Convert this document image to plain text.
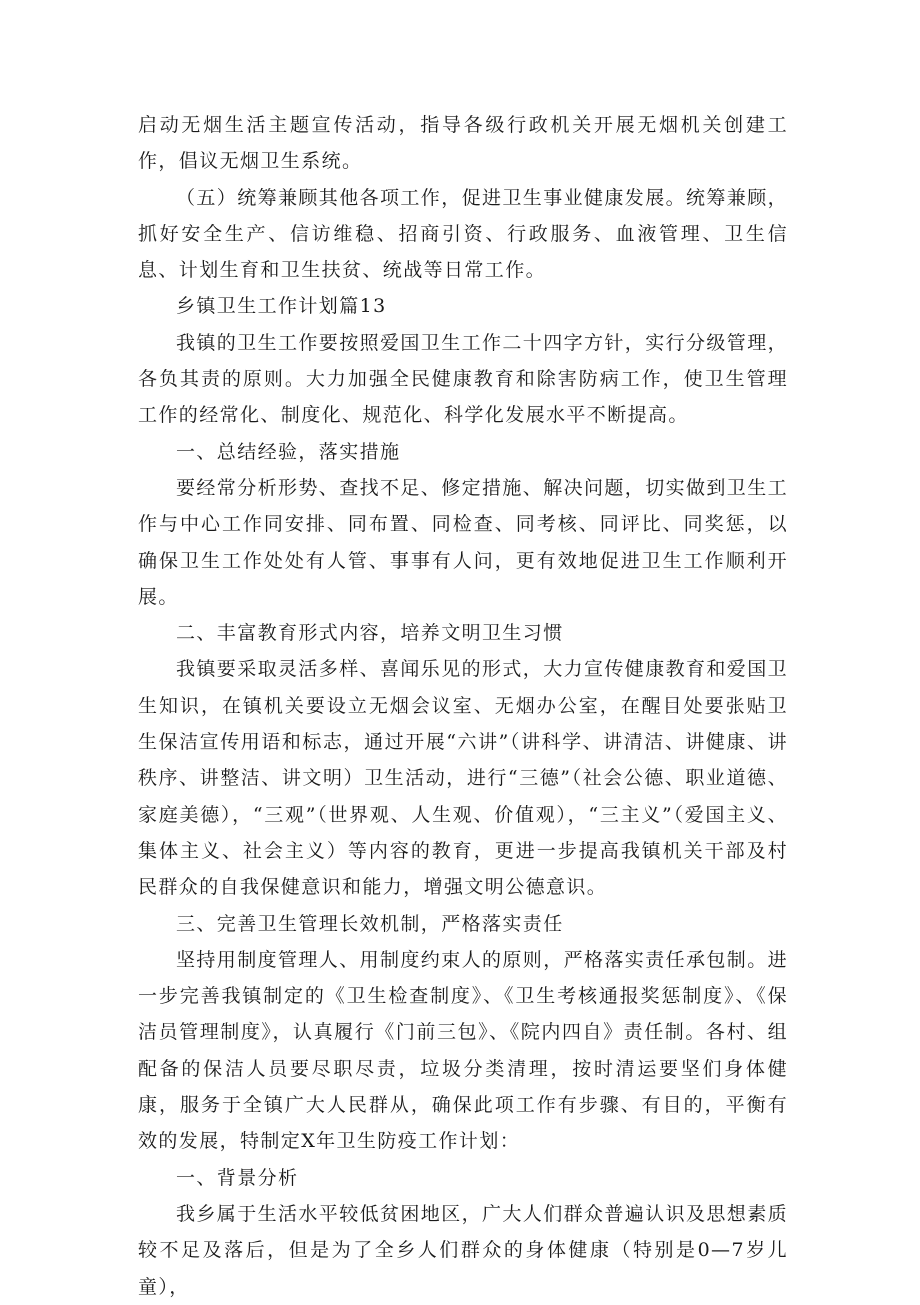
启动无烟生活主题宣传活动，指导各级行政机关开展无烟机关创建工作，倡议无烟卫生系统。

（五）统筹兼顾其他各项工作，促进卫生事业健康发展。统筹兼顾，抓好安全生产、信访维稳、招商引资、行政服务、血液管理、卫生信息、计划生育和卫生扶贫、统战等日常工作。

乡镇卫生工作计划篇13

我镇的卫生工作要按照爱国卫生工作二十四字方针，实行分级管理，各负其责的原则。大力加强全民健康教育和除害防病工作，使卫生管理工作的经常化、制度化、规范化、科学化发展水平不断提高。

一、总结经验，落实措施

要经常分析形势、查找不足、修定措施、解决问题，切实做到卫生工作与中心工作同安排、同布置、同检查、同考核、同评比、同奖惩，以确保卫生工作处处有人管、事事有人问，更有效地促进卫生工作顺利开展。

二、丰富教育形式内容，培养文明卫生习惯

我镇要采取灵活多样、喜闻乐见的形式，大力宣传健康教育和爱国卫生知识，在镇机关要设立无烟会议室、无烟办公室，在醒目处要张贴卫生保洁宣传用语和标志，通过开展“六讲”（讲科学、讲清洁、讲健康、讲秩序、讲整洁、讲文明）卫生活动，进行“三德”（社会公德、职业道德、家庭美德），“三观”（世界观、人生观、价值观），“三主义”（爱国主义、集体主义、社会主义）等内容的教育，更进一步提高我镇机关干部及村民群众的自我保健意识和能力，增强文明公德意识。

三、完善卫生管理长效机制，严格落实责任

坚持用制度管理人、用制度约束人的原则，严格落实责任承包制。进一步完善我镇制定的《卫生检查制度》、《卫生考核通报奖惩制度》、《保洁员管理制度》，认真履行《门前三包》、《院内四自》责任制。各村、组配备的保洁人员要尽职尽责，垃圾分类清理，按时清运要坚们身体健康，服务于全镇广大人民群从，确保此项工作有步骤、有目的，平衡有效的发展，特制定X年卫生防疫工作计划：

一、背景分析

我乡属于生活水平较低贫困地区，广大人们群众普遍认识及思想素质较不足及落后，但是为了全乡人们群众的身体健康（特别是0—7岁儿童），
